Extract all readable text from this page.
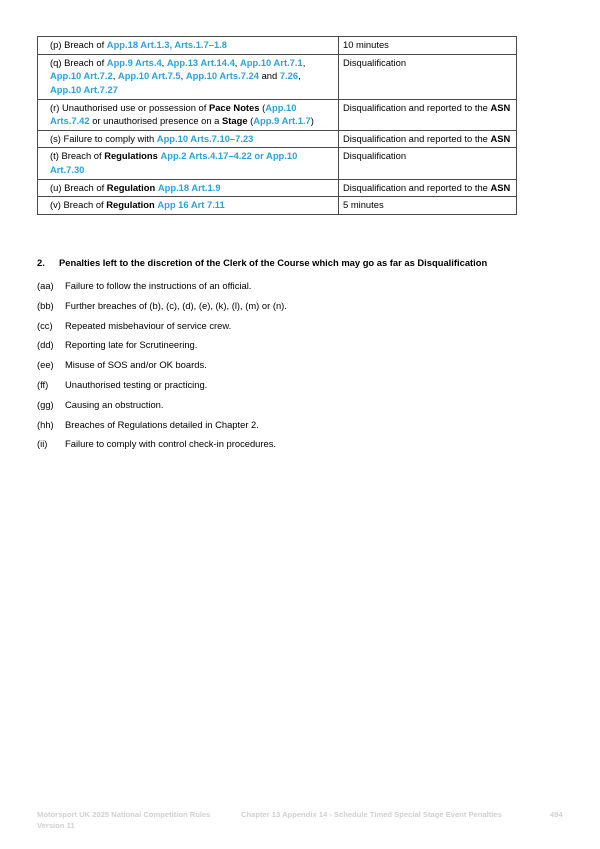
(p) Breach of App.18 Art.1.3, Arts.1.7–1.8	10 minutes
(q) Breach of App.9 Arts.4, App.13 Art.14.4, App.10 Art.7.1, App.10 Art.7.2, App.10 Art.7.5, App.10 Arts.7.24 and 7.26, App.10 Art.7.27	Disqualification
(r) Unauthorised use or possession of Pace Notes (App.10 Arts.7.42 or unauthorised presence on a Stage (App.9 Art.1.7)	Disqualification and reported to the ASN
(s) Failure to comply with App.10 Arts.7.10–7.23	Disqualification and reported to the ASN
(t) Breach of Regulations App.2 Arts.4.17–4.22 or App.10 Art.7.30	Disqualification
(u) Breach of Regulation App.18 Art.1.9	Disqualification and reported to the ASN
(v) Breach of Regulation App 16 Art 7.11	5 minutes
2. Penalties left to the discretion of the Clerk of the Course which may go as far as Disqualification
(aa) Failure to follow the instructions of an official.
(bb) Further breaches of (b), (c), (d), (e), (k), (l), (m) or (n).
(cc) Repeated misbehaviour of service crew.
(dd) Reporting late for Scrutineering.
(ee) Misuse of SOS and/or OK boards.
(ff) Unauthorised testing or practicing.
(gg) Causing an obstruction.
(hh) Breaches of Regulations detailed in Chapter 2.
(ii) Failure to comply with control check-in procedures.
Motorsport UK 2025 National Competition Rules	Chapter 13 Appendix 14 - Schedule Timed Special Stage Event Penalties	494
Version 11
